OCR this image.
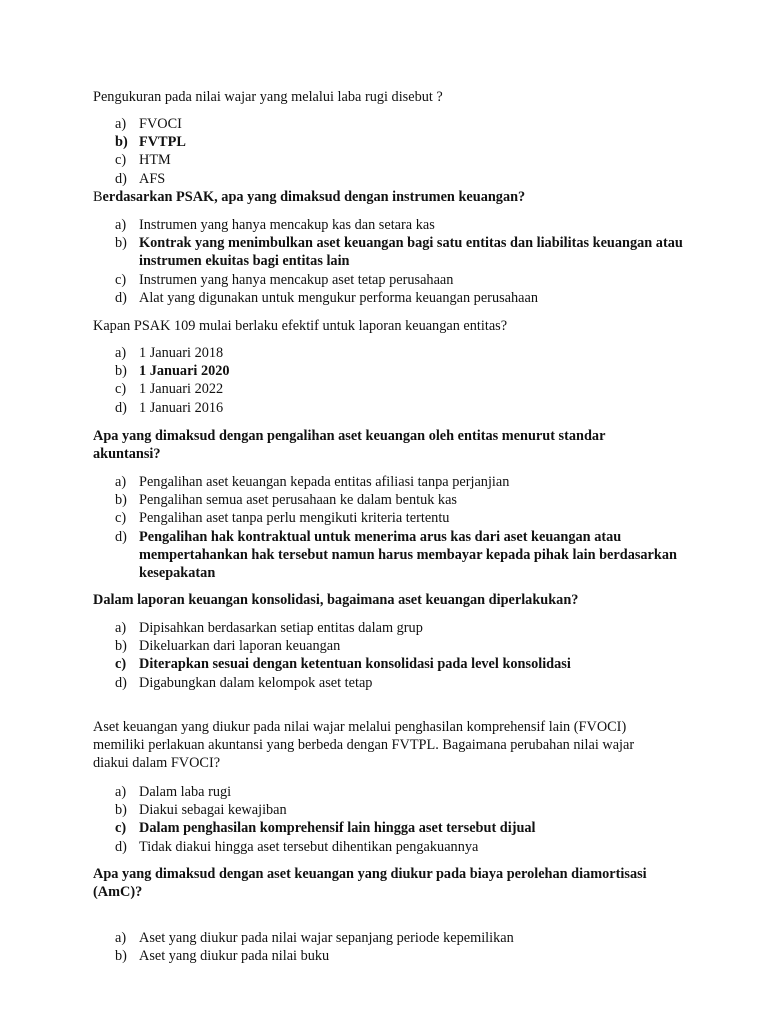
Pengukuran pada nilai wajar yang melalui laba rugi disebut ?

a) FVOCI
b) FVTPL
c) HTM
d) AFS

Berdasarkan PSAK, apa yang dimaksud dengan instrumen keuangan?

a) Instrumen yang hanya mencakup kas dan setara kas
b) Kontrak yang menimbulkan aset keuangan bagi satu entitas dan liabilitas keuangan atau instrumen ekuitas bagi entitas lain
c) Instrumen yang hanya mencakup aset tetap perusahaan
d) Alat yang digunakan untuk mengukur performa keuangan perusahaan

Kapan PSAK 109 mulai berlaku efektif untuk laporan keuangan entitas?

a) 1 Januari 2018
b) 1 Januari 2020
c) 1 Januari 2022
d) 1 Januari 2016

Apa yang dimaksud dengan pengalihan aset keuangan oleh entitas menurut standar akuntansi?

a) Pengalihan aset keuangan kepada entitas afiliasi tanpa perjanjian
b) Pengalihan semua aset perusahaan ke dalam bentuk kas
c) Pengalihan aset tanpa perlu mengikuti kriteria tertentu
d) Pengalihan hak kontraktual untuk menerima arus kas dari aset keuangan atau mempertahankan hak tersebut namun harus membayar kepada pihak lain berdasarkan kesepakatan

Dalam laporan keuangan konsolidasi, bagaimana aset keuangan diperlakukan?

a) Dipisahkan berdasarkan setiap entitas dalam grup
b) Dikeluarkan dari laporan keuangan
c) Diterapkan sesuai dengan ketentuan konsolidasi pada level konsolidasi
d) Digabungkan dalam kelompok aset tetap

Aset keuangan yang diukur pada nilai wajar melalui penghasilan komprehensif lain (FVOCI) memiliki perlakuan akuntansi yang berbeda dengan FVTPL. Bagaimana perubahan nilai wajar diakui dalam FVOCI?

a) Dalam laba rugi
b) Diakui sebagai kewajiban
c) Dalam penghasilan komprehensif lain hingga aset tersebut dijual
d) Tidak diakui hingga aset tersebut dihentikan pengakuannya

Apa yang dimaksud dengan aset keuangan yang diukur pada biaya perolehan diamortisasi (AmC)?

a) Aset yang diukur pada nilai wajar sepanjang periode kepemilikan
b) Aset yang diukur pada nilai buku
